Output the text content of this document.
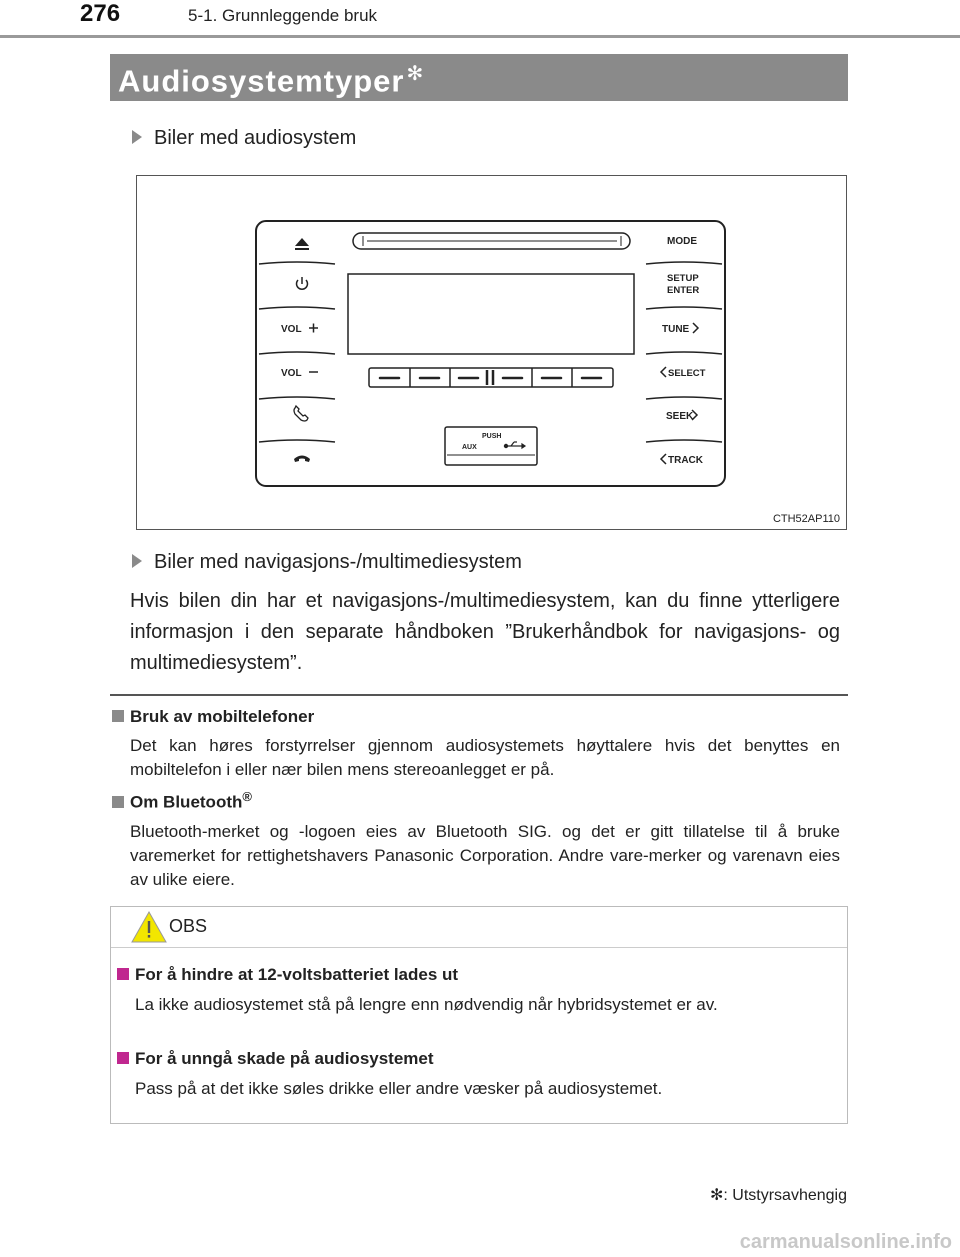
276	5-1. Grunnleggende bruk
Audiosystemtyper ✻
Biler med audiosystem
VOL
VOL
MODE
SETUP
ENTER
TUNE
SELECT
SEEK
TRACK
PUSH
AUX
CTH52AP110
Biler med navigasjons-/multimediesystem
Hvis bilen din har et navigasjons-/multimediesystem, kan du finne ytterligere informasjon i den separate håndboken ”Brukerhåndbok for navigasjons- og multimediesystem”.
Bruk av mobiltelefoner
Det kan høres forstyrrelser gjennom audiosystemets høyttalere hvis det benyttes en mobiltelefon i eller nær bilen mens stereoanlegget er på.
Om Bluetooth®
Bluetooth-merket og -logoen eies av Bluetooth SIG. og det er gitt tillatelse til å bruke varemerket for rettighetshavers Panasonic Corporation. Andre vare-merker og varenavn eies av ulike eiere.
OBS
For å hindre at 12-voltsbatteriet lades ut
La ikke audiosystemet stå på lengre enn nødvendig når hybridsystemet er av.
For å unngå skade på audiosystemet
Pass på at det ikke søles drikke eller andre væsker på audiosystemet.
✻: Utstyrsavhengig
carmanualsonline.info
